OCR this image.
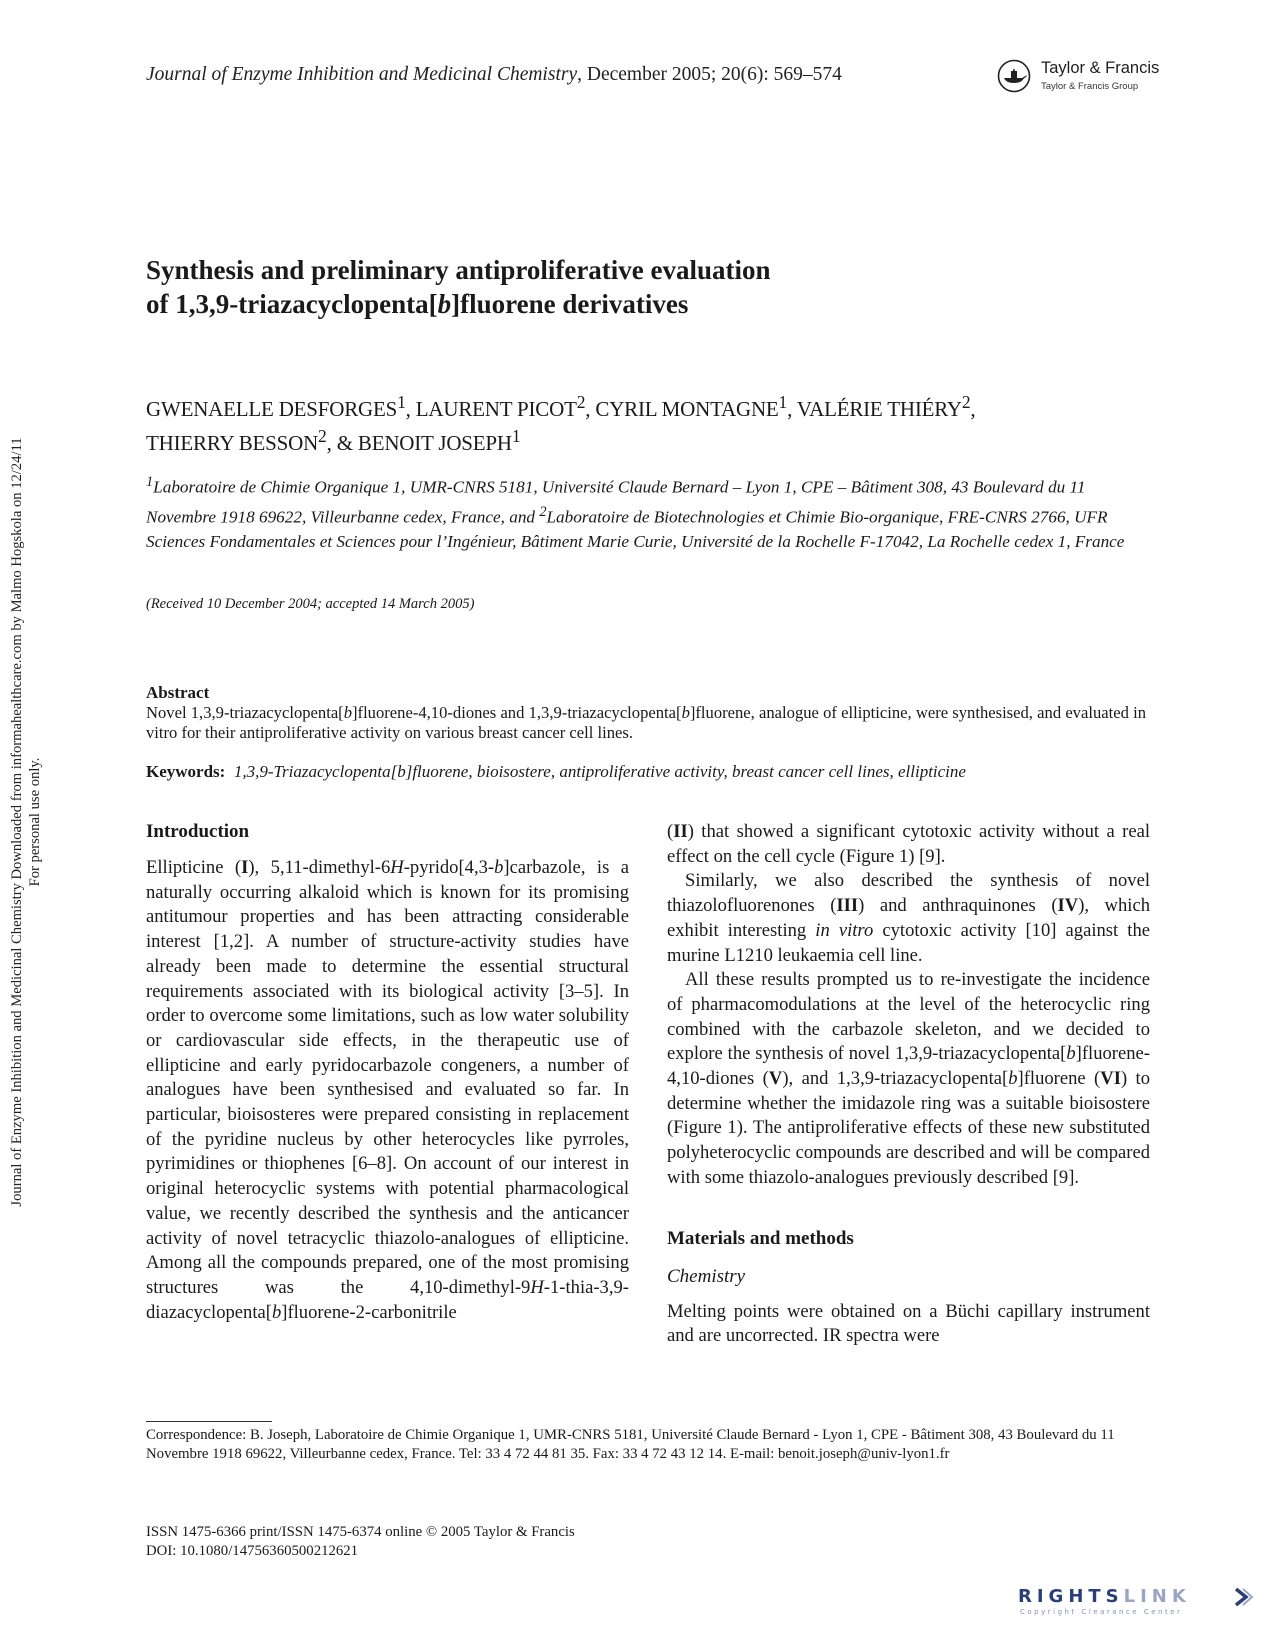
Journal of Enzyme Inhibition and Medicinal Chemistry, December 2005; 20(6): 569–574	Taylor & Francis
Taylor & Francis Group
Synthesis and preliminary antiproliferative evaluation
of 1,3,9-triazacyclopenta[b]fluorene derivatives
GWENAELLE DESFORGES$^1$, LAURENT PICOT$^2$, CYRIL MONTAGNE$^1$, VALÉRIE THIÉRY$^2$,
THIERRY BESSON$^2$, & BENOIT JOSEPH$^1$
$^1$Laboratoire de Chimie Organique 1, UMR-CNRS 5181, Université Claude Bernard – Lyon 1, CPE – Bâtiment 308, 43 Boulevard du 11 Novembre 1918 69622, Villeurbanne cedex, France, and $^2$Laboratoire de Biotechnologies et Chimie Bio-organique, FRE-CNRS 2766, UFR Sciences Fondamentales et Sciences pour l’Ingénieur, Bâtiment Marie Curie, Université de la Rochelle F-17042, La Rochelle cedex 1, France
(Received 10 December 2004; accepted 14 March 2005)
Abstract
Novel 1,3,9-triazacyclopenta[b]fluorene-4,10-diones and 1,3,9-triazacyclopenta[b]fluorene, analogue of ellipticine, were synthesised, and evaluated in vitro for their antiproliferative activity on various breast cancer cell lines.
Keywords: 1,3,9-Triazacyclopenta[b]fluorene, bioisostere, antiproliferative activity, breast cancer cell lines, ellipticine
Introduction

Ellipticine (I), 5,11-dimethyl-6H-pyrido[4,3-b]carbazole, is a naturally occurring alkaloid which is known for its promising antitumour properties and has been attracting considerable interest [1,2]. A number of structure-activity studies have already been made to determine the essential structural requirements associated with its biological activity [3–5]. In order to overcome some limitations, such as low water solubility or cardiovascular side effects, in the therapeutic use of ellipticine and early pyridocarbazole congeners, a number of analogues have been synthesised and evaluated so far. In particular, bioisosteres were prepared consisting in replacement of the pyridine nucleus by other heterocycles like pyrroles, pyrimidines or thiophenes [6–8]. On account of our interest in original heterocyclic systems with potential pharmacological value, we recently described the synthesis and the anticancer activity of novel tetracyclic thiazolo-analogues of ellipticine. Among all the compounds prepared, one of the most promising structures was the 4,10-dimethyl-9H-1-thia-3,9-diazacyclopenta[b]fluorene-2-carbonitrile

(II) that showed a significant cytotoxic activity without a real effect on the cell cycle (Figure 1) [9].

Similarly, we also described the synthesis of novel thiazolofluorenones (III) and anthraquinones (IV), which exhibit interesting in vitro cytotoxic activity [10] against the murine L1210 leukaemia cell line.

All these results prompted us to re-investigate the incidence of pharmacomodulations at the level of the heterocyclic ring combined with the carbazole skeleton, and we decided to explore the synthesis of novel 1,3,9-triazacyclopenta[b]fluorene-4,10-diones (V), and 1,3,9-triazacyclopenta[b]fluorene (VI) to determine whether the imidazole ring was a suitable bioisostere (Figure 1). The antiproliferative effects of these new substituted polyheterocyclic compounds are described and will be compared with some thiazolo-analogues previously described [9].

Materials and methods
Chemistry

Melting points were obtained on a Büchi capillary instrument and are uncorrected. IR spectra were

Journal of Enzyme Inhibition and Medicinal Chemistry Downloaded from informahealthcare.com by Malmo Hogskola on 12/24/11 For personal use only.
Correspondence: B. Joseph, Laboratoire de Chimie Organique 1, UMR-CNRS 5181, Université Claude Bernard - Lyon 1, CPE - Bâtiment 308, 43 Boulevard du 11 Novembre 1918 69622, Villeurbanne cedex, France. Tel: 33 4 72 44 81 35. Fax: 33 4 72 43 12 14. E-mail: benoit.joseph@univ-lyon1.fr
ISSN 1475-6366 print/ISSN 1475-6374 online © 2005 Taylor & Francis
DOI: 10.1080/14756360500212621
RIGHTSLINK
Copyright Clearance Center
